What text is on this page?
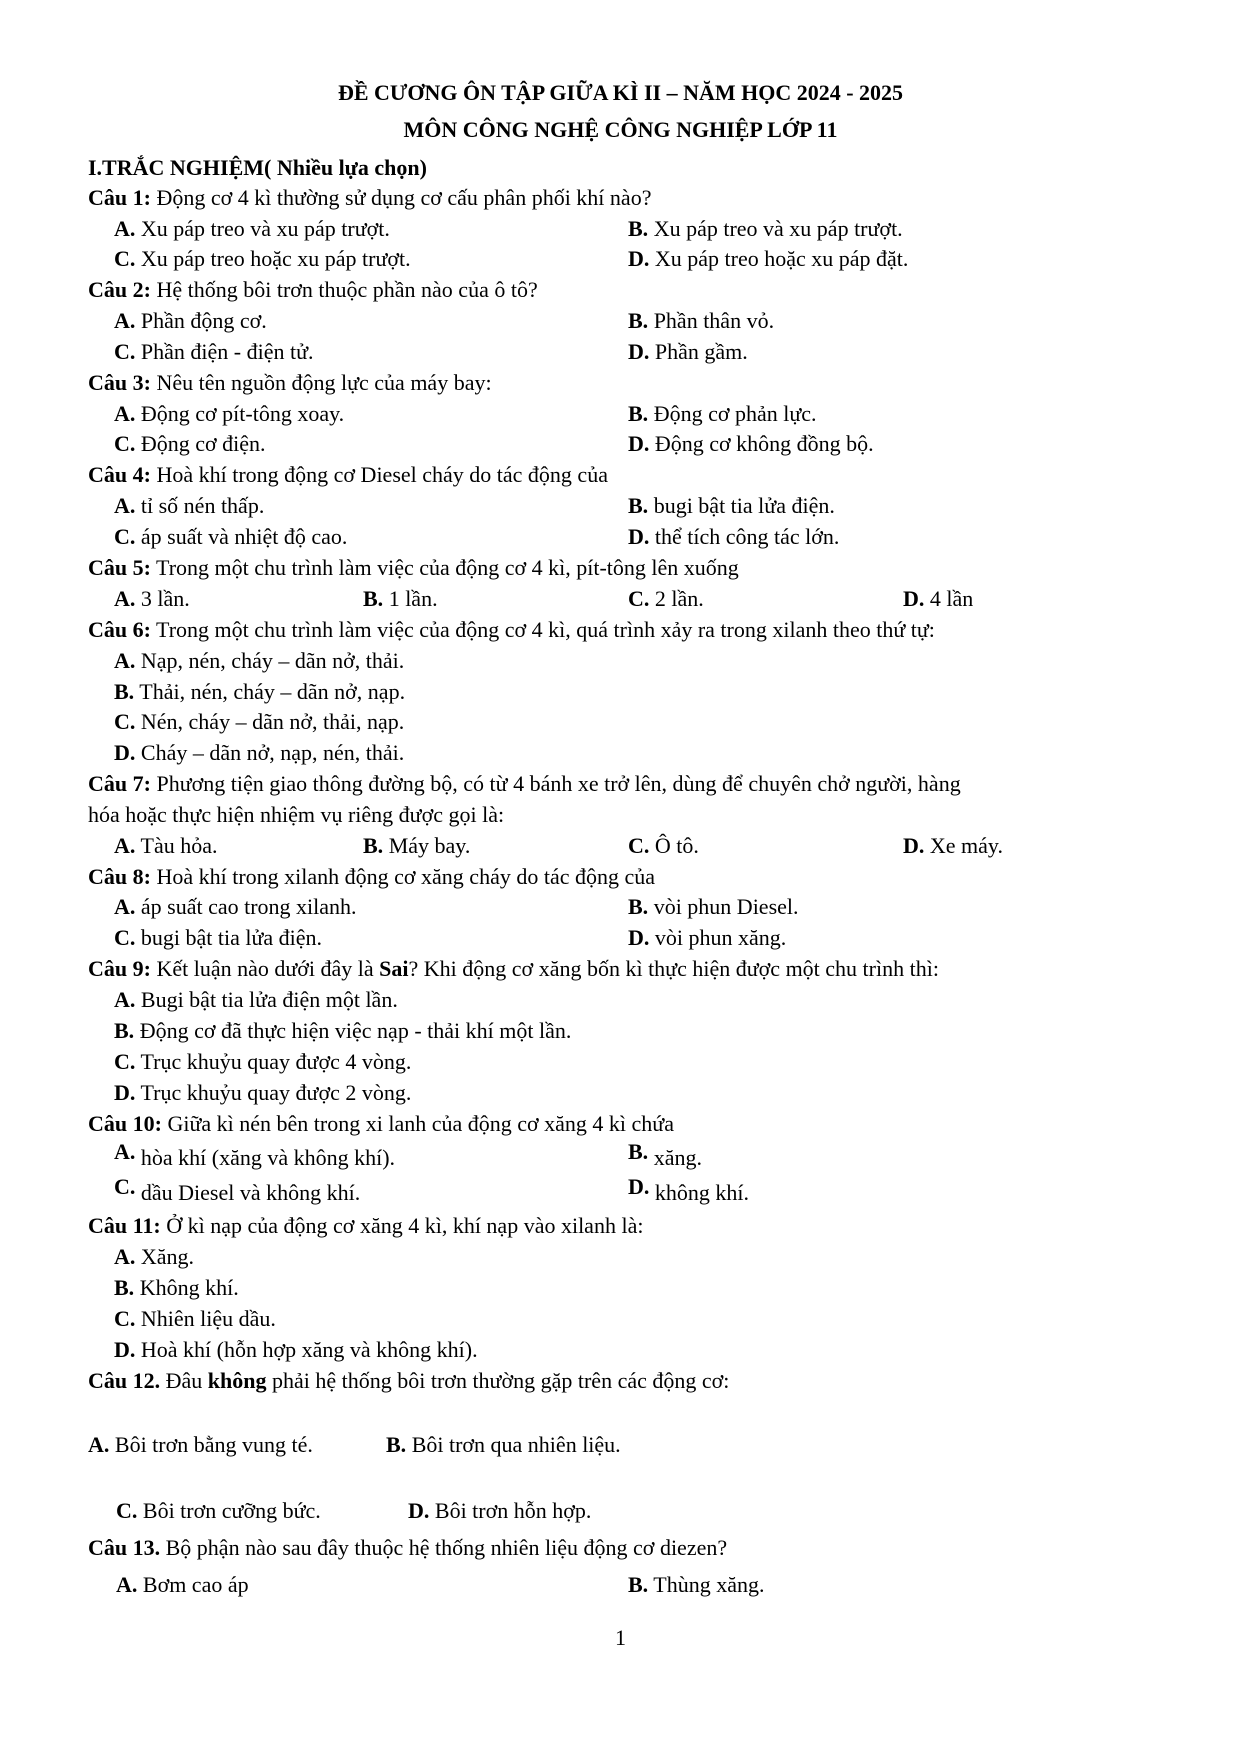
ĐỀ CƯƠNG ÔN TẬP GIỮA KÌ II – NĂM HỌC 2024 - 2025
MÔN CÔNG NGHỆ CÔNG NGHIỆP LỚP 11
I.TRẮC NGHIỆM( Nhiều lựa chọn)
Câu 1: Động cơ 4 kì thường sử dụng cơ cấu phân phối khí nào?
A. Xu páp treo và xu páp trượt.	B. Xu páp treo và xu páp trượt.
C. Xu páp treo hoặc xu páp trượt.	D. Xu páp treo hoặc xu páp đặt.
Câu 2: Hệ thống bôi trơn thuộc phần nào của ô tô?
A. Phần động cơ.	B. Phần thân vỏ.
C. Phần điện - điện tử.	D. Phần gầm.
Câu 3: Nêu tên nguồn động lực của máy bay:
A. Động cơ pít-tông xoay.	B. Động cơ phản lực.
C. Động cơ điện.	D. Động cơ không đồng bộ.
Câu 4: Hoà khí trong động cơ Diesel cháy do tác động của
A. tỉ số nén thấp.	B. bugi bật tia lửa điện.
C. áp suất và nhiệt độ cao.	D. thể tích công tác lớn.
Câu 5: Trong một chu trình làm việc của động cơ 4 kì, pít-tông lên xuống
A. 3 lần.	B. 1 lần.	C. 2 lần.	D. 4 lần
Câu 6: Trong một chu trình làm việc của động cơ 4 kì, quá trình xảy ra trong xilanh theo thứ tự:
A. Nạp, nén, cháy – dãn nở, thải.
B. Thải, nén, cháy – dãn nở, nạp.
C. Nén, cháy – dãn nở, thải, nạp.
D. Cháy – dãn nở, nạp, nén, thải.
Câu 7: Phương tiện giao thông đường bộ, có từ 4 bánh xe trở lên, dùng để chuyên chở người, hàng
hóa hoặc thực hiện nhiệm vụ riêng được gọi là:
A. Tàu hỏa.	B. Máy bay.	C. Ô tô.	D. Xe máy.
Câu 8: Hoà khí trong xilanh động cơ xăng cháy do tác động của
A. áp suất cao trong xilanh.	B. vòi phun Diesel.
C. bugi bật tia lửa điện.	D. vòi phun xăng.
Câu 9: Kết luận nào dưới đây là Sai? Khi động cơ xăng bốn kì thực hiện được một chu trình thì:
A. Bugi bật tia lửa điện một lần.
B. Động cơ đã thực hiện việc nạp - thải khí một lần.
C. Trục khuỷu quay được 4 vòng.
D. Trục khuỷu quay được 2 vòng.
Câu 10: Giữa kì nén bên trong xi lanh của động cơ xăng 4 kì chứa
A. hòa khí (xăng và không khí).	B. xăng.
C. dầu Diesel và không khí.	D. không khí.
Câu 11: Ở kì nạp của động cơ xăng 4 kì, khí nạp vào xilanh là:
A. Xăng.
B. Không khí.
C. Nhiên liệu dầu.
D. Hoà khí (hỗn hợp xăng và không khí).
Câu 12. Đâu không phải hệ thống bôi trơn thường gặp trên các động cơ:
A. Bôi trơn bằng vung té.	B. Bôi trơn qua nhiên liệu.
C. Bôi trơn cưỡng bức.	D. Bôi trơn hỗn hợp.
Câu 13. Bộ phận nào sau đây thuộc hệ thống nhiên liệu động cơ diezen?
A. Bơm cao áp	B. Thùng xăng.
1
